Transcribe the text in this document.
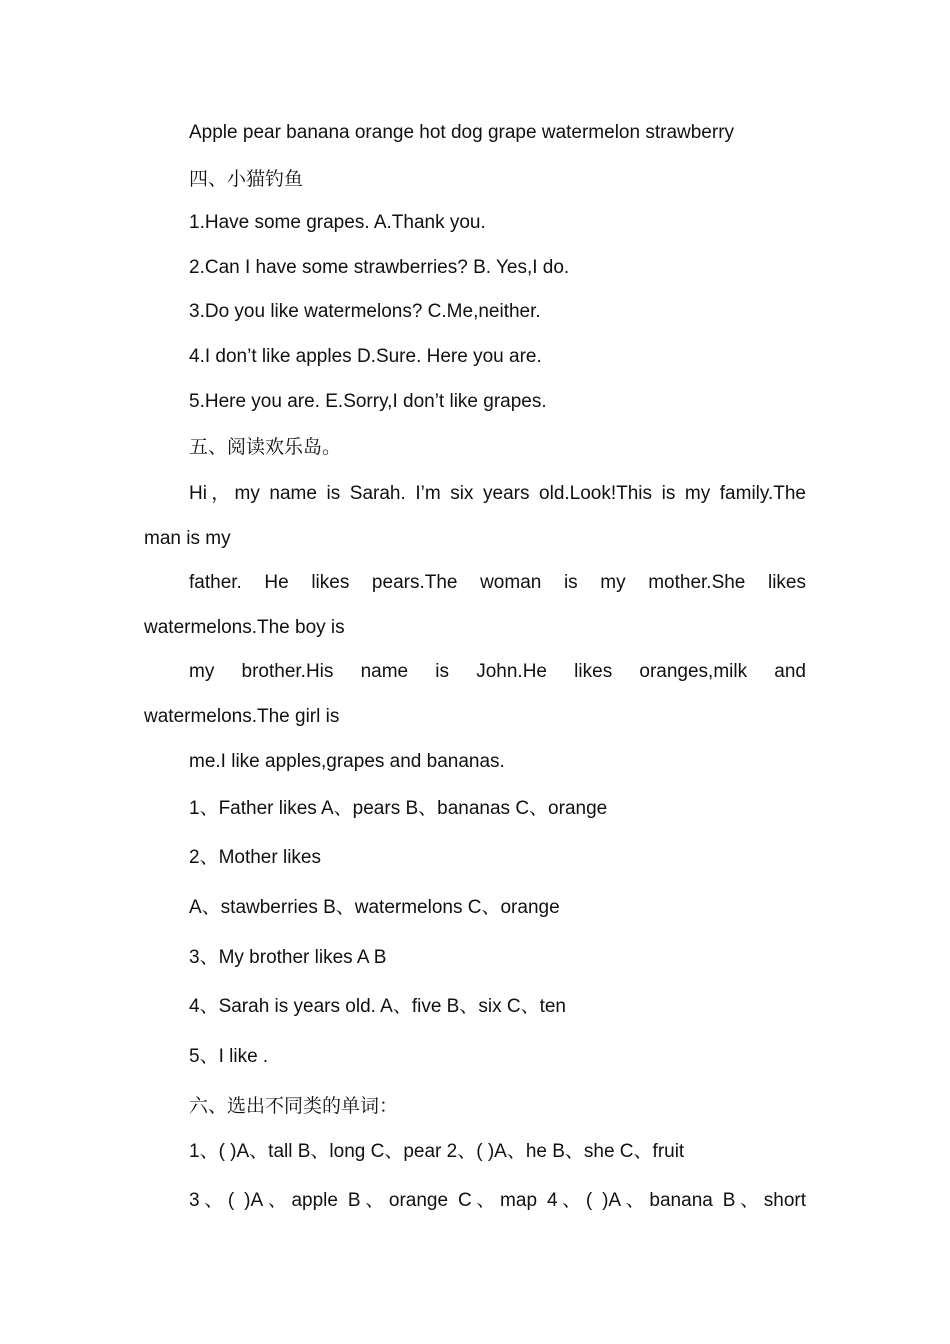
Apple pear banana orange hot dog grape watermelon strawberry
四、小猫钓鱼
1.Have some grapes. A.Thank you.
2.Can I have some strawberries? B. Yes,I do.
3.Do you like watermelons? C.Me,neither.
4.I don’t like apples D.Sure. Here you are.
5.Here you are. E.Sorry,I don’t like grapes.
五、阅读欢乐岛。
Hi，my name is Sarah. I’m six years old.Look!This is my family.The
man is my
father. He likes pears.The woman is my mother.She likes
watermelons.The boy is
my brother.His name is John.He likes oranges,milk and
watermelons.The girl is
me.I like apples,grapes and bananas.
1、Father likes A、pears B、bananas C、orange
2、Mother likes
A、stawberries B、watermelons C、orange
3、My brother likes A B
4、Sarah is years old. A、five B、six C、ten
5、I like .
六、选出不同类的单词：
1、( )A、tall B、long C、pear 2、( )A、he B、she C、fruit
3、( )A、apple B、orange C、map 4、( )A、banana B、short
